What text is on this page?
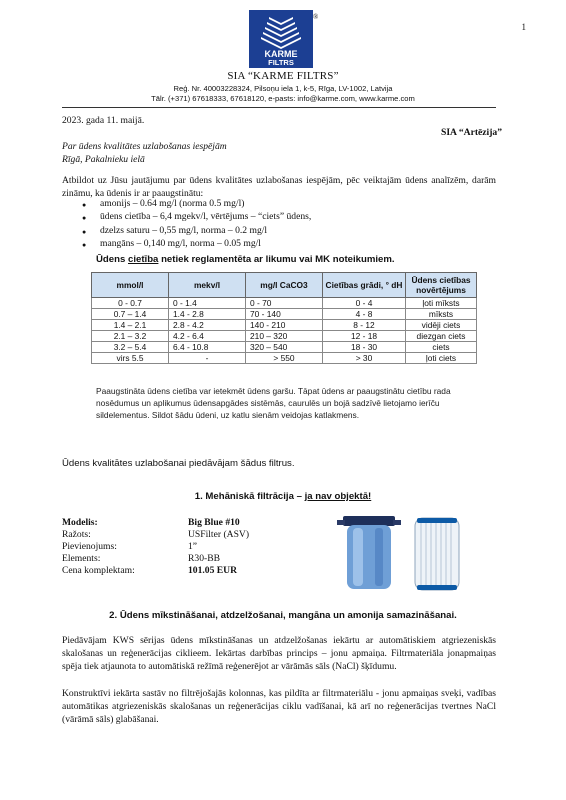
1
KARME
FILTRS
®
SIA “KARME FILTRS”
Reģ. Nr. 40003228324, Pilsoņu iela 1, k-5, Rīga, LV-1002, Latvija
Tālr. (+371) 67618333, 67618120, e-pasts: info@karme.com, www.karme.com
2023. gada 11. maijā.
SIA “Artēzija”
Par ūdens kvalitātes uzlabošanas iespējām
Rīgā, Pakalnieku ielā
Atbildot uz Jūsu jautājumu par ūdens kvalitātes uzlabošanas iespējām, pēc veiktajām ūdens analīzēm, darām zināmu, ka ūdenis ir ar paaugstinātu:
● amonijs – 0.64 mg/l (norma 0.5 mg/l)
● ūdens cietība – 6,4 mgekv/l, vērtējums – “ciets” ūdens,
● dzelzs saturu – 0,55 mg/l, norma – 0.2 mg/l
● mangāns – 0,140 mg/l, norma – 0.05 mg/l
Ūdens cietība netiek reglamentēta ar likumu vai MK noteikumiem.
mmol/l	mekv/l	mg/l CaCO3	Cietības grādi, ° dH	Ūdens cietības novērtējums
0 - 0.7	0 - 1.4	0 - 70	0 - 4	ļoti mīksts
0.7 – 1.4	1.4 - 2.8	70 - 140	4 - 8	mīksts
1.4 – 2.1	2.8 - 4.2	140 - 210	8 - 12	vidēji ciets
2.1 – 3.2	4.2 - 6.4	210 – 320	12 - 18	diezgan ciets
3.2 – 5.4	6.4 - 10.8	320 – 540	18 - 30	ciets
virs 5.5	-	> 550	> 30	ļoti ciets
Paaugstināta ūdens cietība var ietekmēt ūdens garšu. Tāpat ūdens ar paaugstinātu cietību rada nosēdumus un aplikumus ūdensapgādes sistēmās, caurulēs un bojā sadzīvē lietojamo ierīču sildelementus. Sildot šādu ūdeni, uz katlu sienām veidojas katlakmens.
Ūdens kvalitātes uzlabošanai piedāvājam šādus filtrus.
1. Mehāniskā filtrācija – ja nav objektā!
Modelis:	Big Blue #10
Ražots:	USFilter (ASV)
Pievienojums:	1”
Elements:	R30-BB
Cena komplektam:	101.05 EUR
2. Ūdens mīkstināšanai, atdzelžošanai, mangāna un amonija samazināšanai.
Piedāvājam KWS sērijas ūdens mīkstināšanas un atdzelžošanas iekārtu ar automātiskiem atgriezeniskās skalošanas un reģenerācijas ciklieem. Iekārtas darbības princips – jonu apmaiņa. Filtrmateriāla jonapmaiņas spēja tiek atjaunota to automātiskā režīmā reģenerējot ar vārāmās sāls (NaCl) šķīdumu.
Konstruktīvi iekārta sastāv no filtrējošajās kolonnas, kas pildīta ar filtrmateriālu - jonu apmaiņas sveķi, vadības automātikas atgriezeniskās skalošanas un reģenerācijas ciklu vadīšanai, kā arī no reģenerācijas tvertnes NaCl (vārāmā sāls) glabāšanai.
